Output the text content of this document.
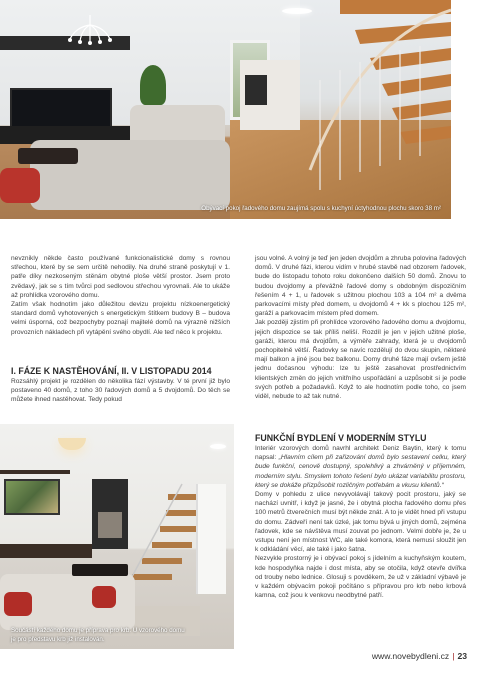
Obývací pokoj řadového domu zaujímá spolu s kuchyní úctyhodnou plochu skoro 38 m²

nevznikly někde často používané funkcionalistické domy s rovnou střechou, které by se sem určitě nehodily. Na druhé straně poskytují v 1. patře díky nezkoseným stěnám obytné ploše větší prostor. Jsem proto zvědavý, jak se s tím tvůrci pod sedlovou střechou vyrovnali. Ale to ukáže až prohlídka vzorového domu.

Zatím však hodnotím jako důležitou devizu projektu nízkoenergetický standard domů vyhotovených s energetickým štítkem budovy B – budova velmi úsporná, což bezpochyby poznají majitelé domů na výrazně nižších provozních nákladech při vytápění svého obydlí. Ale teď něco k projektu.

I. FÁZE K NASTĚHOVÁNÍ, II. V LISTOPADU 2014

Rozsáhlý projekt je rozdělen do několika fází výstavby. V té první již bylo postaveno 40 domů, z toho 30 řadových domů a 5 dvojdomů. Do těch se můžete ihned nastěhovat. Tedy pokud

Součástí každého domu je příprava pro krb. U vzorového domu
je pro představu krb již instalován.

jsou volné. A volný je teď jen jeden dvojdům a zhruba polovina řadových domů. V druhé fázi, kterou vidím v hrubé stavbě nad obzorem řadovek, bude do listopadu tohoto roku dokončeno dalších 50 domů. Znovu to budou dvojdomy a převážně řadové domy s obdobným dispozičním řešením 4 + 1, u řadovek s užitnou plochou 103 a 104 m² a dvěma parkovacími místy před domem, u dvojdomů 4 + kk s plochou 125 m², garáží a parkovacím místem před domem.

Jak později zjistím při prohlídce vzorového řadového domu a dvojdomu, jejich dispozice se tak příliš neliší. Rozdíl je jen v jejich užitné ploše, garáži, kterou má dvojdům, a výměře zahrady, která je u dvojdomů pochopitelně větší. Řadovky se navíc rozdělují do dvou skupin, některé mají balkon a jiné jsou bez balkonu. Domy druhé fáze mají ovšem ještě jednu dočasnou výhodu: lze tu ještě zasahovat prostřednictvím klientských změn do jejich vnitřního uspořádání a uzpůsobit si je podle svých potřeb a požadavků. Když to ale hodnotím podle toho, co jsem viděl, nebude to až tak nutné.

FUNKČNÍ BYDLENÍ V MODERNÍM STYLU

Interiér vzorových domů navrhl architekt Deniz Baytin, který k tomu napsal: „Hlavním cílem při zařizování domů bylo sestavení celku, který bude funkční, cenově dostupný, spolehlivý a zhvárněný v příjemném, moderním stylu. Smyslem tohoto řešení bylo ukázat variabilitu prostoru, který se dokáže přizpůsobit rozličným potřebám a vkusu klientů.“

Domy v pohledu z ulice nevyvolávají takový pocit prostoru, jaký se nachází uvnitř, i když je jasné, že i obytná plocha řadového domu přes 100 metrů čtverečních musí být někde znát. A to je vidět hned při vstupu do domu. Zádveří není tak úzké, jak tomu bývá u jiných domů, zejména řadovek, kde se návštěva musí zouvat po jednom. Velmi dobře je, že u vstupu není jen místnost WC, ale také komora, která nemusí sloužit jen k odkládání věcí, ale také i jako šatna.

Nezvykle prostorný je i obývací pokoj s jídelním a kuchyňským koutem, kde hospodyňka najde i dost místa, aby se otočila, když otevře dvířka od trouby nebo lednice. Glosuji s povděkem, že už v základní výbavě je v každém obývacím pokoji počítáno s přípravou pro krb nebo krbová kamna, což jsou k venkovu neodbytné patří.

www.novebydleni.cz | 23
